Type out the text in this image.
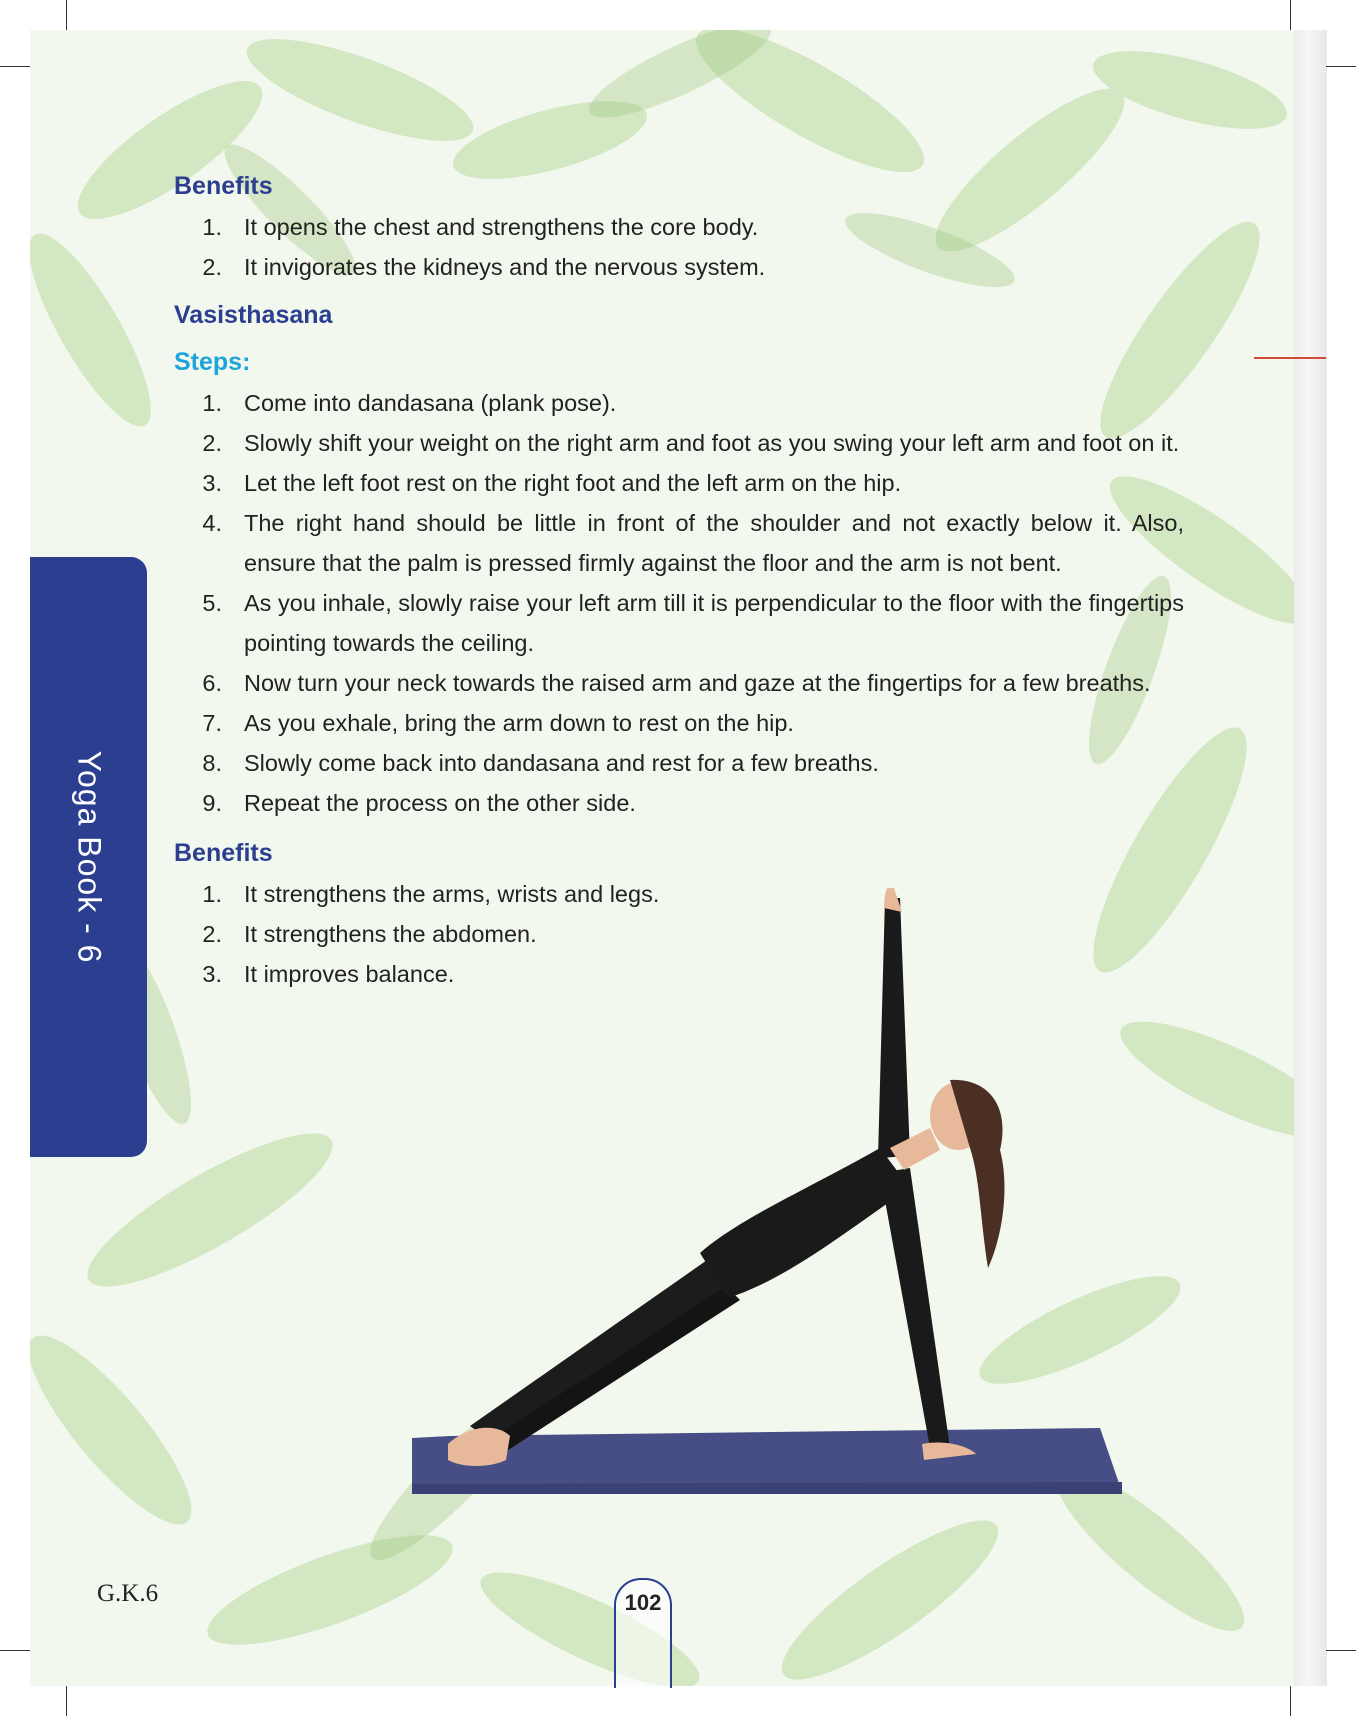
Yoga Book - 6
Benefits
1. It opens the chest and strengthens the core body.
2. It invigorates the kidneys and the nervous system.
Vasisthasana
Steps:
1. Come into dandasana (plank pose).
2. Slowly shift your weight on the right arm and foot as you swing your left arm and foot on it.
3. Let the left foot rest on the right foot and the left arm on the hip.
4. The right hand should be little in front of the shoulder and not exactly below it. Also, ensure that the palm is pressed firmly against the floor and the arm is not bent.
5. As you inhale, slowly raise your left arm till it is perpendicular to the floor with the fingertips pointing towards the ceiling.
6. Now turn your neck towards the raised arm and gaze at the fingertips for a few breaths.
7. As you exhale, bring the arm down to rest on the hip.
8. Slowly come back into dandasana and rest for a few breaths.
9. Repeat the process on the other side.
Benefits
1. It strengthens the arms, wrists and legs.
2. It strengthens the abdomen.
3. It improves balance.
G.K.6	102
